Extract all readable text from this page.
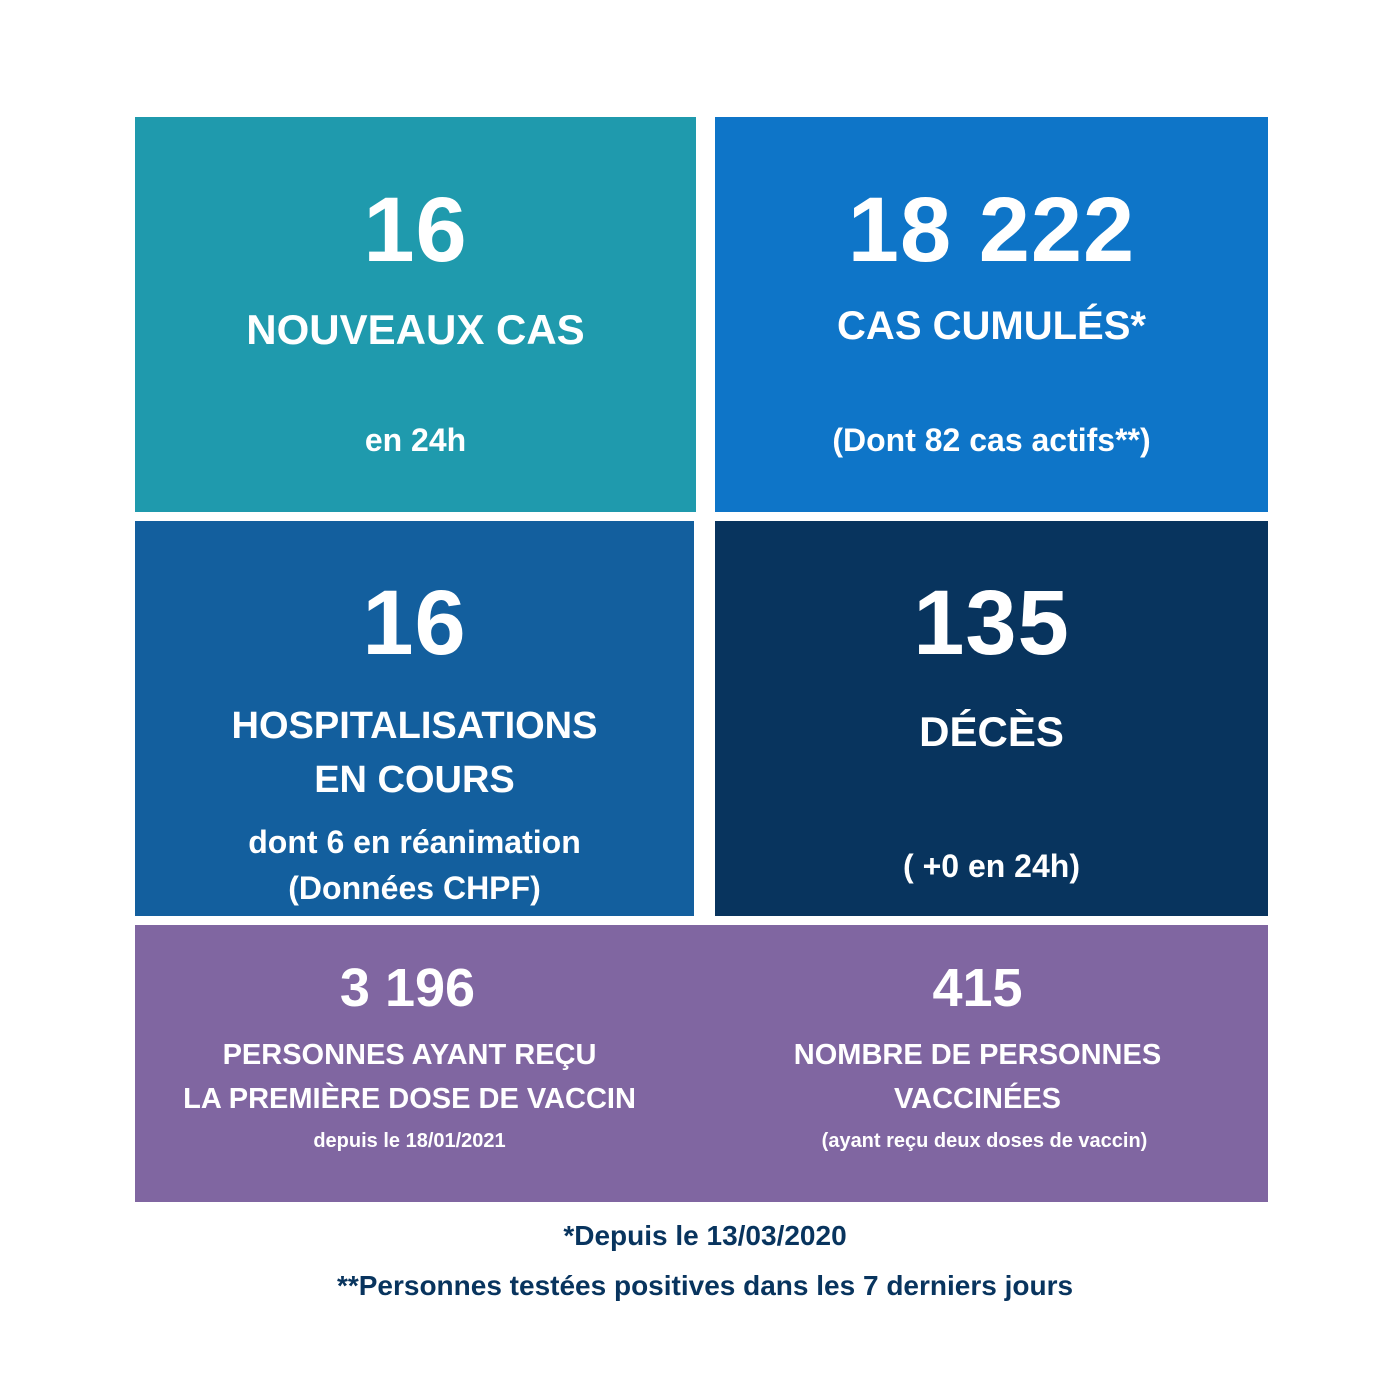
16
NOUVEAUX CAS
en 24h
18 222
CAS CUMULÉS*
(Dont 82 cas actifs**)
16
HOSPITALISATIONS
EN COURS
dont 6 en réanimation
(Données CHPF)
135
DÉCÈS
( +0 en 24h)
3 196
PERSONNES AYANT REÇU
LA PREMIÈRE DOSE DE VACCIN
depuis le 18/01/2021
415
NOMBRE DE PERSONNES
VACCINÉES
(ayant reçu deux doses de vaccin)
*Depuis le 13/03/2020
**Personnes testées positives dans les 7 derniers jours
